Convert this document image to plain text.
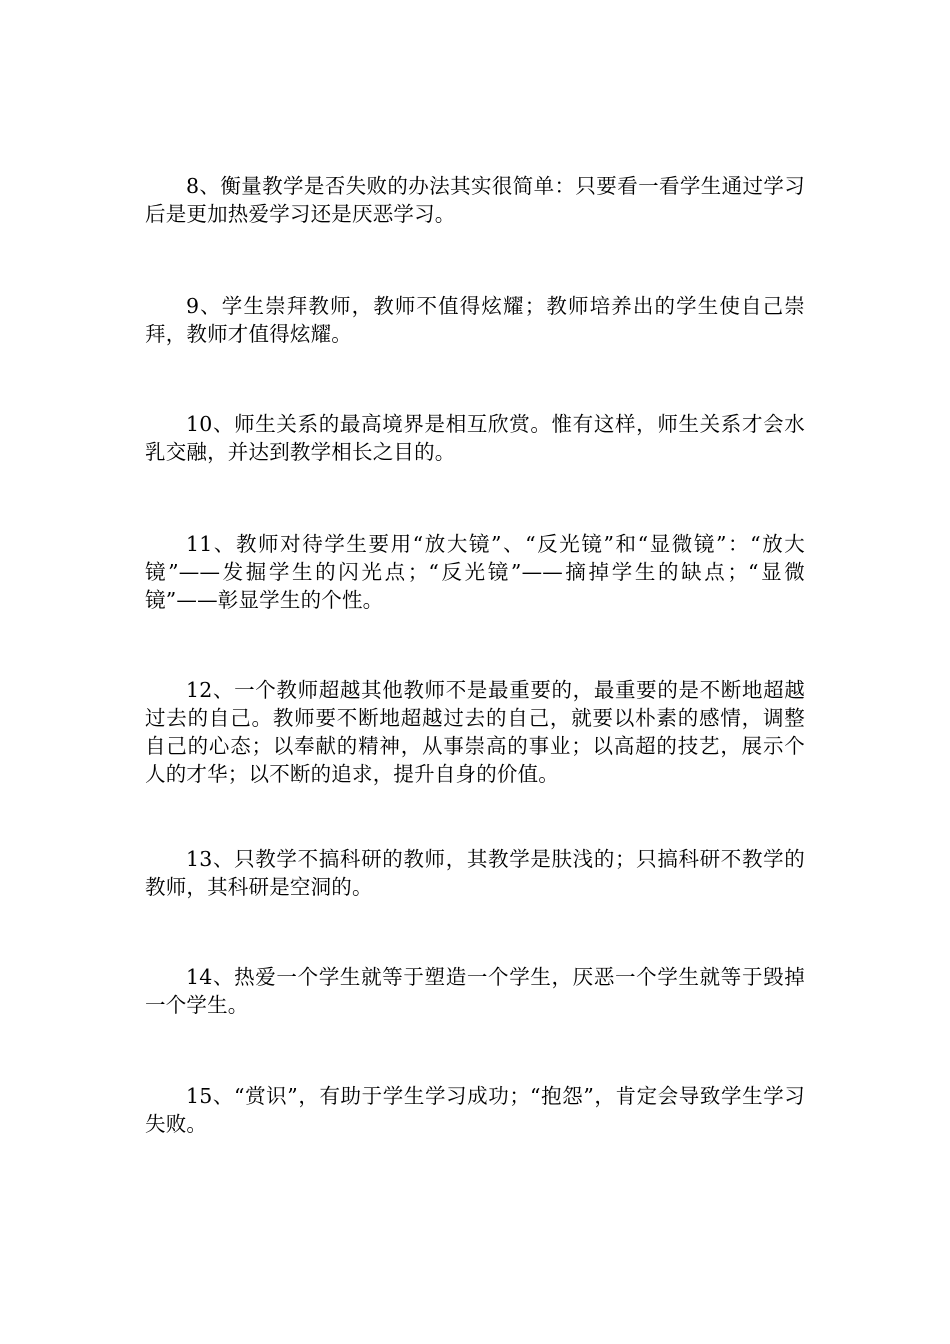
8、衡量教学是否失败的办法其实很简单：只要看一看学生通过学习后是更加热爱学习还是厌恶学习。

9、学生崇拜教师，教师不值得炫耀；教师培养出的学生使自己崇拜，教师才值得炫耀。

10、师生关系的最高境界是相互欣赏。惟有这样，师生关系才会水乳交融，并达到教学相长之目的。

11、教师对待学生要用“放大镜”、“反光镜”和“显微镜”：“放大镜”——发掘学生的闪光点；“反光镜”——摘掉学生的缺点；“显微镜”——彰显学生的个性。

12、一个教师超越其他教师不是最重要的，最重要的是不断地超越过去的自己。教师要不断地超越过去的自己，就要以朴素的感情，调整自己的心态；以奉献的精神，从事崇高的事业；以高超的技艺，展示个人的才华；以不断的追求，提升自身的价值。

13、只教学不搞科研的教师，其教学是肤浅的；只搞科研不教学的教师，其科研是空洞的。

14、热爱一个学生就等于塑造一个学生，厌恶一个学生就等于毁掉一个学生。

15、“赏识”，有助于学生学习成功；“抱怨”，肯定会导致学生学习失败。
